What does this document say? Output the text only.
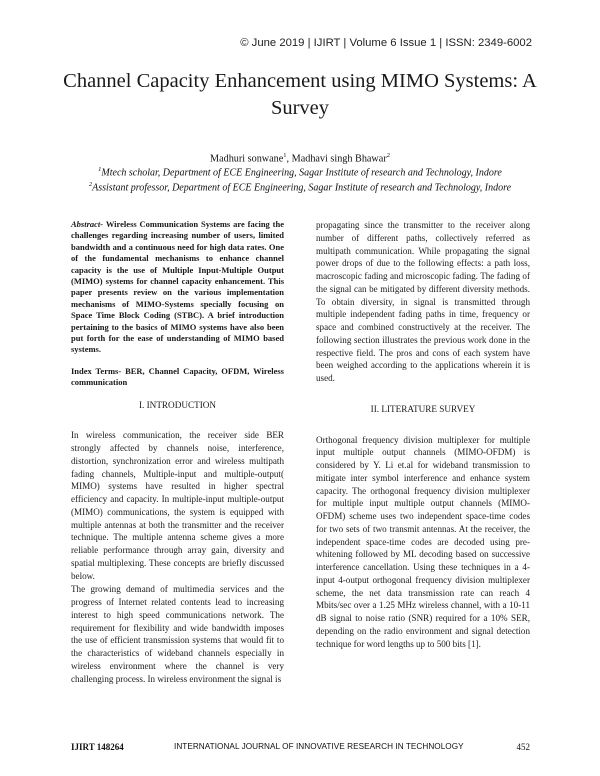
© June 2019 | IJIRT | Volume 6 Issue 1 | ISSN: 2349-6002
Channel Capacity Enhancement using MIMO Systems: A Survey
Madhuri sonwane$^1$, Madhavi singh Bhawar$^2$
$^1$Mtech scholar, Department of ECE Engineering, Sagar Institute of research and Technology, Indore
$^2$Assistant professor, Department of ECE Engineering, Sagar Institute of research and Technology, Indore

Abstract- Wireless Communication Systems are facing the challenges regarding increasing number of users, limited bandwidth and a continuous need for high data rates. One of the fundamental mechanisms to enhance channel capacity is the use of Multiple Input-Multiple Output (MIMO) systems for channel capacity enhancement. This paper presents review on the various implementation mechanisms of MIMO-Systems specially focusing on Space Time Block Coding (STBC). A brief introduction pertaining to the basics of MIMO systems have also been put forth for the ease of understanding of MIMO based systems.

Index Terms- BER, Channel Capacity, OFDM, Wireless communication

I. INTRODUCTION

In wireless communication, the receiver side BER strongly affected by channels noise, interference, distortion, synchronization error and wireless multipath fading channels, Multiple-input and multiple-output( MIMO) systems have resulted in higher spectral efficiency and capacity. In multiple-input multiple-output (MIMO) communications, the system is equipped with multiple antennas at both the transmitter and the receiver technique. The multiple antenna scheme gives a more reliable performance through array gain, diversity and spatial multiplexing. These concepts are briefly discussed below.

The growing demand of multimedia services and the progress of Internet related contents lead to increasing interest to high speed communications network. The requirement for flexibility and wide bandwidth imposes the use of efficient transmission systems that would fit to the characteristics of wideband channels especially in wireless environment where the channel is very challenging process. In wireless environment the signal is

propagating since the transmitter to the receiver along number of different paths, collectively referred as multipath communication. While propagating the signal power drops of due to the following effects: a path loss, macroscopic fading and microscopic fading. The fading of the signal can be mitigated by different diversity methods. To obtain diversity, in signal is transmitted through multiple independent fading paths in time, frequency or space and combined constructively at the receiver. The following section illustrates the previous work done in the respective field. The pros and cons of each system have been weighed according to the applications wherein it is used.

II. LITERATURE SURVEY

Orthogonal frequency division multiplexer for multiple input multiple output channels (MIMO-OFDM) is considered by Y. Li et.al for wideband transmission to mitigate inter symbol interference and enhance system capacity. The orthogonal frequency division multiplexer for multiple input multiple output channels (MIMO-OFDM) scheme uses two independent space-time codes for two sets of two transmit antennas. At the receiver, the independent space-time codes are decoded using pre-whitening followed by ML decoding based on successive interference cancellation. Using these techniques in a 4-input 4-output orthogonal frequency division multiplexer scheme, the net data transmission rate can reach 4 Mbits/sec over a 1.25 MHz wireless channel, with a 10-11 dB signal to noise ratio (SNR) required for a 10% SER, depending on the radio environment and signal detection technique for word lengths up to 500 bits [1].

IJIRT 148264	INTERNATIONAL JOURNAL OF INNOVATIVE RESEARCH IN TECHNOLOGY	452
